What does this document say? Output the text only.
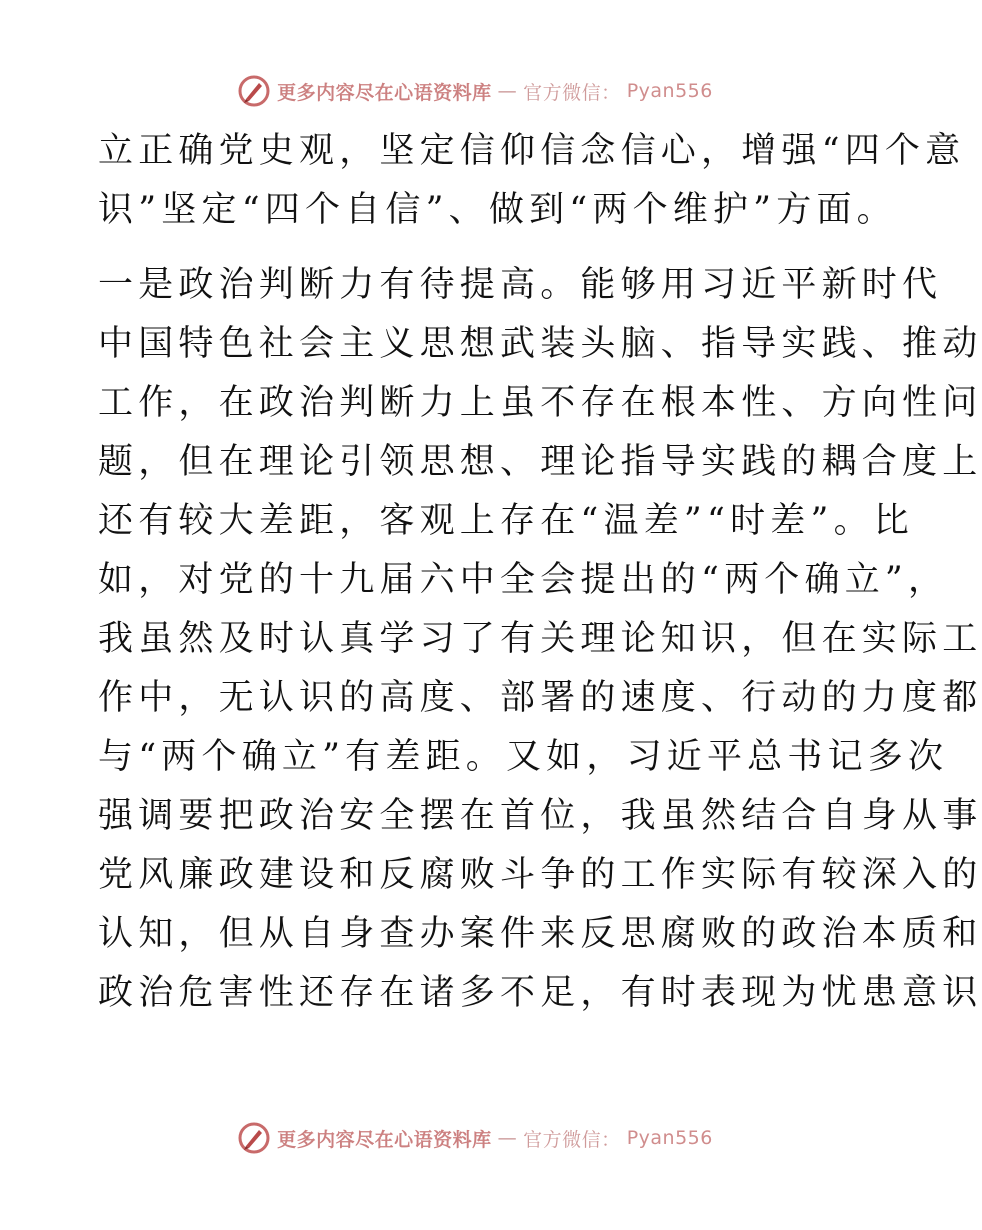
更多内容尽在心语资料库 — 官方微信： Pyan556
立正确党史观，坚定信仰信念信心，增强“四个意
识”坚定“四个自信”、做到“两个维护”方面。
一是政治判断力有待提高。能够用习近平新时代
中国特色社会主义思想武装头脑、指导实践、推动
工作，在政治判断力上虽不存在根本性、方向性问
题，但在理论引领思想、理论指导实践的耦合度上
还有较大差距，客观上存在“温差”“时差”。比
如，对党的十九届六中全会提出的“两个确立”，
我虽然及时认真学习了有关理论知识，但在实际工
作中，无认识的高度、部署的速度、行动的力度都
与“两个确立”有差距。又如，习近平总书记多次
强调要把政治安全摆在首位，我虽然结合自身从事
党风廉政建设和反腐败斗争的工作实际有较深入的
认知，但从自身查办案件来反思腐败的政治本质和
政治危害性还存在诸多不足，有时表现为忧患意识
更多内容尽在心语资料库 — 官方微信： Pyan556
